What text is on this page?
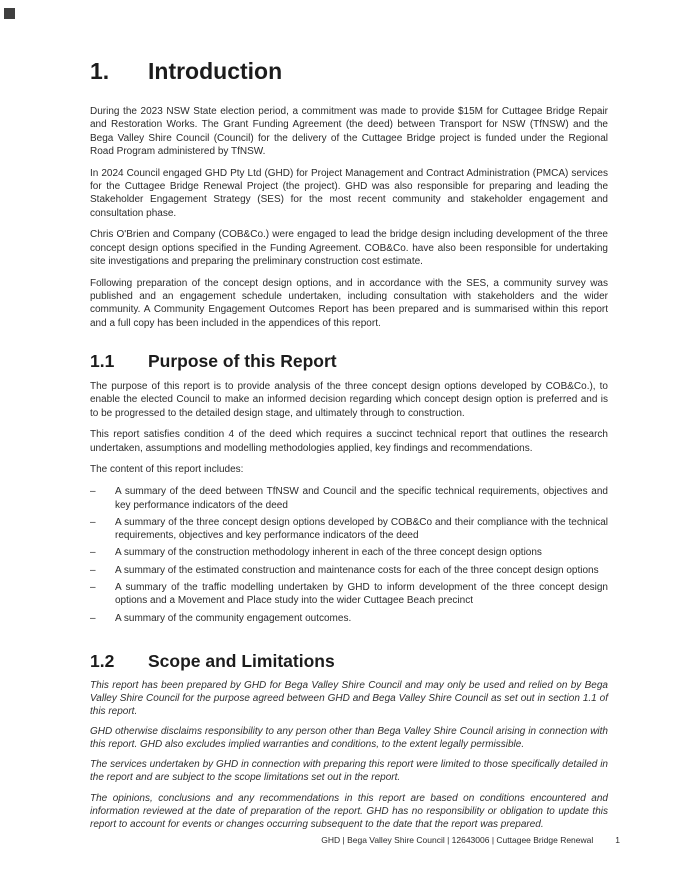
1. Introduction

During the 2023 NSW State election period, a commitment was made to provide $15M for Cuttagee Bridge Repair and Restoration Works. The Grant Funding Agreement (the deed) between Transport for NSW (TfNSW) and the Bega Valley Shire Council (Council) for the delivery of the Cuttagee Bridge project is funded under the Regional Road Program administered by TfNSW.

In 2024 Council engaged GHD Pty Ltd (GHD) for Project Management and Contract Administration (PMCA) services for the Cuttagee Bridge Renewal Project (the project). GHD was also responsible for preparing and leading the Stakeholder Engagement Strategy (SES) for the most recent community and stakeholder engagement and consultation phase.

Chris O'Brien and Company (COB&Co.) were engaged to lead the bridge design including development of the three concept design options specified in the Funding Agreement. COB&Co. have also been responsible for undertaking site investigations and preparing the preliminary construction cost estimate.

Following preparation of the concept design options, and in accordance with the SES, a community survey was published and an engagement schedule undertaken, including consultation with stakeholders and the wider community. A Community Engagement Outcomes Report has been prepared and is summarised within this report and a full copy has been included in the appendices of this report.

1.1 Purpose of this Report

The purpose of this report is to provide analysis of the three concept design options developed by COB&Co.), to enable the elected Council to make an informed decision regarding which concept design option is preferred and is to be progressed to the detailed design stage, and ultimately through to construction.

This report satisfies condition 4 of the deed which requires a succinct technical report that outlines the research undertaken, assumptions and modelling methodologies applied, key findings and recommendations.

The content of this report includes:

– A summary of the deed between TfNSW and Council and the specific technical requirements, objectives and key performance indicators of the deed
– A summary of the three concept design options developed by COB&Co and their compliance with the technical requirements, objectives and key performance indicators of the deed
– A summary of the construction methodology inherent in each of the three concept design options
– A summary of the estimated construction and maintenance costs for each of the three concept design options
– A summary of the traffic modelling undertaken by GHD to inform development of the three concept design options and a Movement and Place study into the wider Cuttagee Beach precinct
– A summary of the community engagement outcomes.
1.2 Scope and Limitations

This report has been prepared by GHD for Bega Valley Shire Council and may only be used and relied on by Bega Valley Shire Council for the purpose agreed between GHD and Bega Valley Shire Council as set out in section 1.1 of this report.

GHD otherwise disclaims responsibility to any person other than Bega Valley Shire Council arising in connection with this report. GHD also excludes implied warranties and conditions, to the extent legally permissible.

The services undertaken by GHD in connection with preparing this report were limited to those specifically detailed in the report and are subject to the scope limitations set out in the report.

The opinions, conclusions and any recommendations in this report are based on conditions encountered and information reviewed at the date of preparation of the report. GHD has no responsibility or obligation to update this report to account for events or changes occurring subsequent to the date that the report was prepared.

GHD | Bega Valley Shire Council | 12643006 | Cuttagee Bridge Renewal	1
